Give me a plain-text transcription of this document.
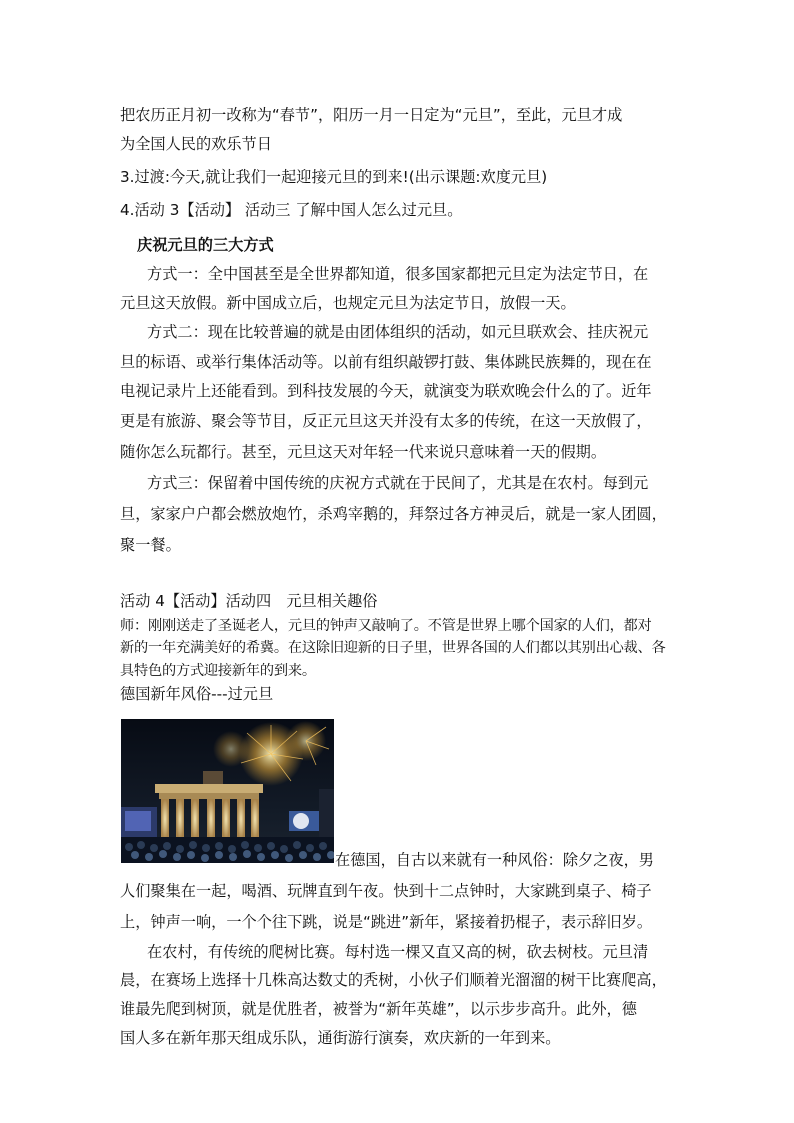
把农历正月初一改称为“春节”，阳历一月一日定为“元旦”，至此，元旦才成
为全国人民的欢乐节日
3.过渡:今天,就让我们一起迎接元旦的到来!(出示课题:欢度元旦)
4.活动 3【活动】 活动三 了解中国人怎么过元旦。
庆祝元旦的三大方式
方式一：全中国甚至是全世界都知道，很多国家都把元旦定为法定节日，在
元旦这天放假。新中国成立后，也规定元旦为法定节日，放假一天。
方式二：现在比较普遍的就是由团体组织的活动，如元旦联欢会、挂庆祝元
旦的标语、或举行集体活动等。以前有组织敲锣打鼓、集体跳民族舞的，现在在
电视记录片上还能看到。到科技发展的今天，就演变为联欢晚会什么的了。近年
更是有旅游、聚会等节目，反正元旦这天并没有太多的传统，在这一天放假了，
随你怎么玩都行。甚至，元旦这天对年轻一代来说只意味着一天的假期。
方式三：保留着中国传统的庆祝方式就在于民间了，尤其是在农村。每到元
旦，家家户户都会燃放炮竹，杀鸡宰鹅的，拜祭过各方神灵后，就是一家人团圆，
聚一餐。
活动 4【活动】活动四　元旦相关趣俗
师：刚刚送走了圣诞老人，元旦的钟声又敲响了。不管是世界上哪个国家的人们，都对
新的一年充满美好的希冀。在这除旧迎新的日子里，世界各国的人们都以其别出心裁、各
具特色的方式迎接新年的到来。
德国新年风俗---过元旦
在德国，自古以来就有一种风俗：除夕之夜，男
人们聚集在一起，喝酒、玩牌直到午夜。快到十二点钟时，大家跳到桌子、椅子
上，钟声一响，一个个往下跳，说是“跳进”新年，紧接着扔棍子，表示辞旧岁。
在农村，有传统的爬树比赛。每村选一棵又直又高的树，砍去树枝。元旦清
晨，在赛场上选择十几株高达数丈的秃树，小伙子们顺着光溜溜的树干比赛爬高，
谁最先爬到树顶，就是优胜者，被誉为“新年英雄”，以示步步高升。此外，德
国人多在新年那天组成乐队，通街游行演奏，欢庆新的一年到来。
